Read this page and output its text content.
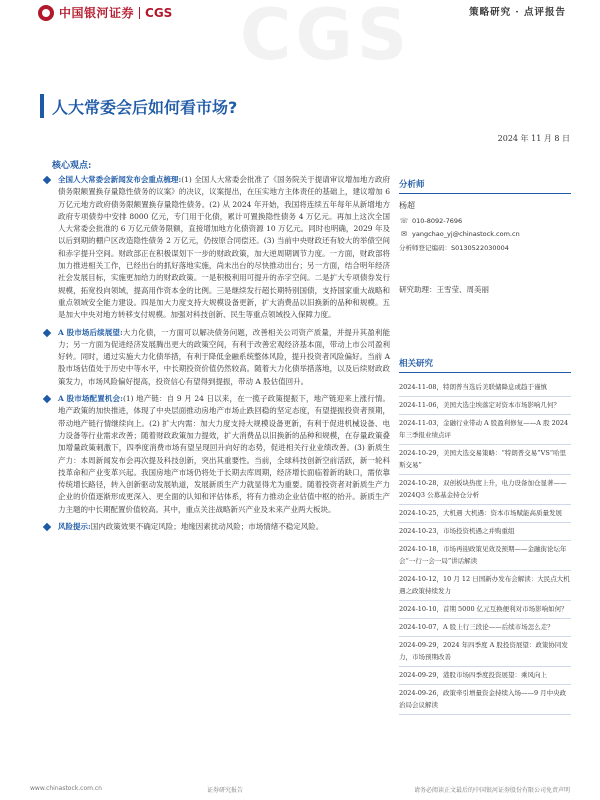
CGS
中国银河证券 CGS	策略研究 · 点评报告
人大常委会后如何看市场?
2024 年 11 月 8 日
核心观点:
全国人大常委会新闻发布会重点梳理:(1) 全国人大常委会批准了《国务院关于提请审议增加地方政府债务限额置换存量隐性债务的议案》的决议，议案提出，在压实地方主体责任的基础上，建议增加 6 万亿元地方政府债务限额置换存量隐性债务。(2) 从 2024 年开始，我国将连续五年每年从新增地方政府专项债券中安排 8000 亿元，专门用于化债，累计可置换隐性债务 4 万亿元。再加上这次全国人大常委会批准的 6 万亿元债务限额，直接增加地方化债资源 10 万亿元。同时也明确，2029 年及以后到期的棚户区改造隐性债务 2 万亿元，仍按原合同偿还。(3) 当前中央财政还有较大的举债空间和赤字提升空间。财政部正在积极谋划下一步的财政政策，加大逆周期调节力度。一方面，财政部将加力推进相关工作，已经出台的抓好落地实施，尚未出台的尽快推动出台；另一方面，结合明年经济社会发展目标，实施更加给力的财政政策。一是积极利用可提升的赤字空间。二是扩大专项债券发行规模，拓宽投向领域，提高用作资本金的比例。三是继续发行超长期特别国债，支持国家重大战略和重点领域安全能力建设。四是加大力度支持大规模设备更新，扩大消费品以旧换新的品种和规模。五是加大中央对地方转移支付规模。加强对科技创新、民生等重点领域投入保障力度。
A 股市场后续展望:大力化债，一方面可以解决债务问题，改善相关公司资产质量，并提升其盈利能力；另一方面为促进经济发展腾出更大的政策空间，有利于改善宏观经济基本面，带动上市公司盈利好转。同时，通过实施大力化债举措，有利于降低金融系统整体风险，提升投资者风险偏好。当前 A 股市场估值处于历史中等水平，中长期投资价值仍然较高。随着大力化债举措落地，以及后续财政政策发力，市场风险偏好提高，投资信心有望得到提振，带动 A 股估值回升。
A 股市场配置机会:(1) 地产链：自 9 月 24 日以来，在一揽子政策提振下，地产链迎来上涨行情。地产政策的加快推进，体现了中央层面推动房地产市场止跌回稳的坚定态度，有望提振投资者预期，带动地产链行情继续向上。(2) 扩大内需：加大力度支持大规模设备更新，有利于促进机械设备、电力设备等行业需求改善；随着财政政策加力提效，扩大消费品以旧换新的品种和规模，在存量政策叠加增量政策刺激下，四季度消费市场有望呈现回升向好的态势，促进相关行业业绩改善。(3) 新质生产力：本周新闻发布会再次提及科技创新，突出其重要性。当前，全球科技创新空前活跃，新一轮科技革命和产业变革兴起。我国房地产市场仍将处于长期去库周期，经济增长面临着新的缺口，需依靠传统增长路径，转入创新驱动发展轨道，发展新质生产力就显得尤为重要。随着投资者对新质生产力企业的价值逐渐形成更深入、更全面的认知和评估体系，将有力推动企业估值中枢的抬升。新质生产力主题的中长期配置价值较高。其中，重点关注战略新兴产业及未来产业两大板块。
风险提示:国内政策效果不确定风险；地缘因素扰动风险；市场情绪不稳定风险。
分析师
杨超
☏ 010-8092-7696
✉ yangchao_yj@chinastock.com.cn
分析师登记编码：S0130522030004
研究助理：王雪莹、周美丽
相关研究
2024-11-08，特朗普当选后美联储降息或趋于谨慎
2024-11-06，美国大选尘埃落定对资本市场影响几何？
2024-11-03，金融行业带动 A 股盈利修复——A 股 2024 年三季报业绩点评
2024-10-29，美国大选交易策略：“特朗普交易”VS“哈里斯交易”
2024-10-28，双创板块热度上升，电力设备加仓显著——2024Q3 公募基金持仓分析
2024-10-25，大机遇 大机遇：资本市场赋能高质量发展
2024-10-23，市场投资机遇之并购重组
2024-10-18，市场再迎政策见效及预期——金融街论坛年会“一行一会一局”讲话解读
2024-10-12，10 月 12 日国新办发布会解读：大民点大机遇之政策持续发力
2024-10-10，首期 5000 亿元互换便利对市场影响如何？
2024-10-07，A 股上行三段论——后续市场怎么走？
2024-09-29，2024 年四季度 A 股投资展望：政策协同发力，市场预期改善
2024-09-29，港股市场四季度投资展望：乘风向上
2024-09-26，政策牵引增量资金持续入场——9 月中央政治局会议解读
www.chinastock.com.cn	证券研究报告	请务必阅读正文最后的中国银河证券股份有限公司免责声明
